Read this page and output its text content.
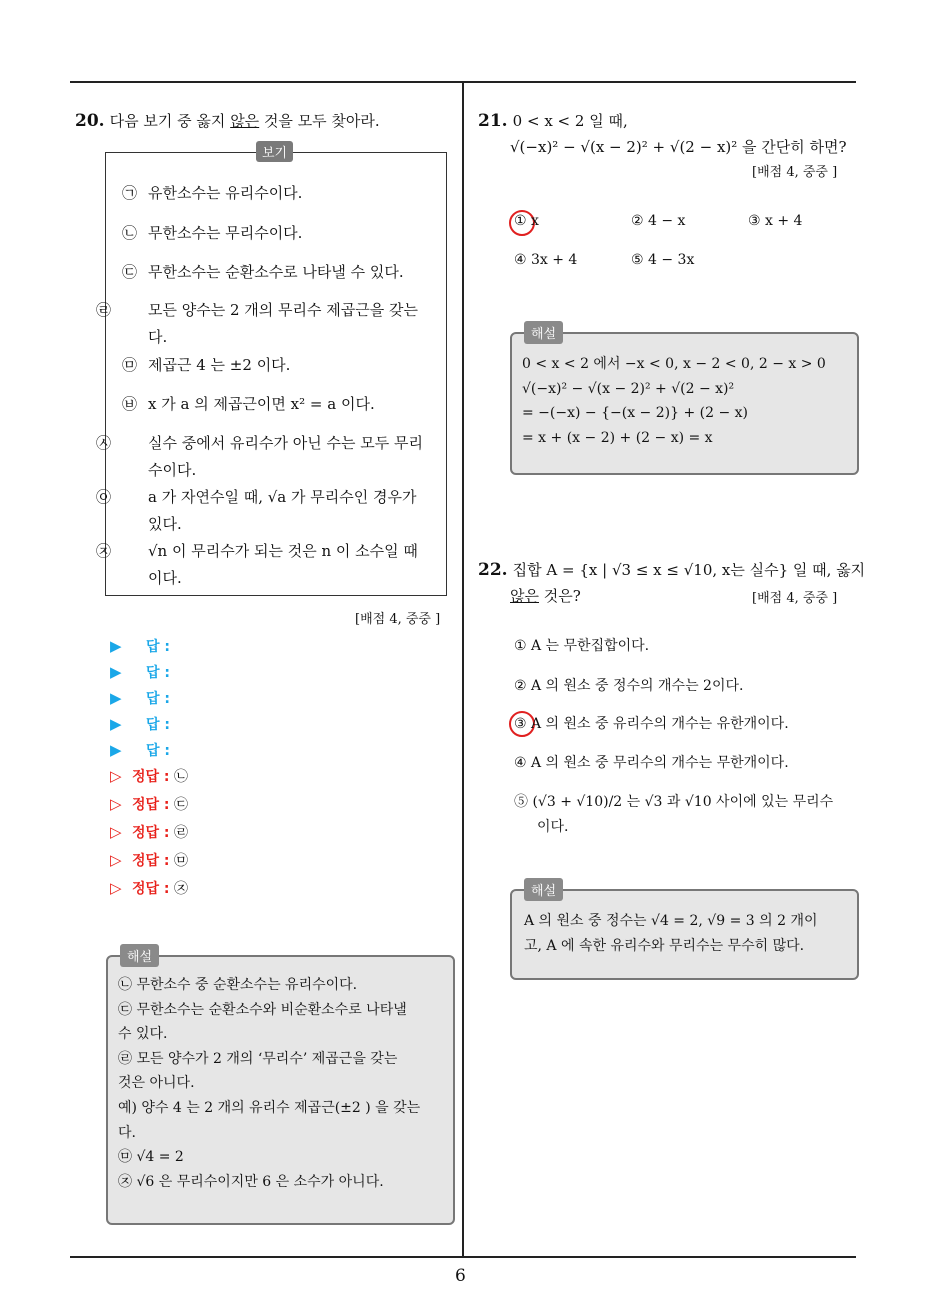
6
20. 다음 보기 중 옳지 않은 것을 모두 찾아라.
보기
㉠ 유한소수는 유리수이다.
㉡ 무한소수는 무리수이다.
㉢ 무한소수는 순환소수로 나타낼 수 있다.
㉣ 모든 양수는 2 개의 무리수 제곱근을 갖는 다.
㉤ 제곱근 4 는 ±2 이다.
㉥ x 가 a 의 제곱근이면 x² = a 이다.
㉦ 실수 중에서 유리수가 아닌 수는 모두 무리수이다.
㉧ a 가 자연수일 때, √a 가 무리수인 경우가 있다.
㉨ √n 이 무리수가 되는 것은 n 이 소수일 때이다.
[배점 4, 중중 ]
▶ 답 :
▶ 답 :
▶ 답 :
▶ 답 :
▶ 답 :
▷ 정답 : ㉡
▷ 정답 : ㉢
▷ 정답 : ㉣
▷ 정답 : ㉤
▷ 정답 : ㉨
해설
㉡ 무한소수 중 순환소수는 유리수이다.
㉢ 무한소수는 순환소수와 비순환소수로 나타낼
수 있다.
㉣ 모든 양수가 2 개의 ‘무리수’ 제곱근을 갖는
것은 아니다.
예) 양수 4 는 2 개의 유리수 제곱근(±2 ) 을 갖는
다.
㉤ √4 = 2
㉨ √6 은 무리수이지만 6 은 소수가 아니다.
21. 0 < x < 2 일 때,
√(−x)² − √(x − 2)² + √(2 − x)² 을 간단히 하면?
[배점 4, 중중 ]
① x	② 4 − x	③ x + 4
④ 3x + 4	⑤ 4 − 3x
해설
0 < x < 2 에서 −x < 0, x − 2 < 0, 2 − x > 0
√(−x)² − √(x − 2)² + √(2 − x)²
= −(−x) − {−(x − 2)} + (2 − x)
= x + (x − 2) + (2 − x) = x
22. 집합 A = {x | √3 ≤ x ≤ √10, x는 실수} 일 때, 옳지
않은 것은?	[배점 4, 중중 ]
① A 는 무한집합이다.
② A 의 원소 중 정수의 개수는 2이다.
③ A 의 원소 중 유리수의 개수는 유한개이다.
④ A 의 원소 중 무리수의 개수는 무한개이다.
⑤ (√3 + √10)/2 는 √3 과 √10 사이에 있는 무리수
이다.
해설
A 의 원소 중 정수는 √4 = 2, √9 = 3 의 2 개이
고, A 에 속한 유리수와 무리수는 무수히 많다.
